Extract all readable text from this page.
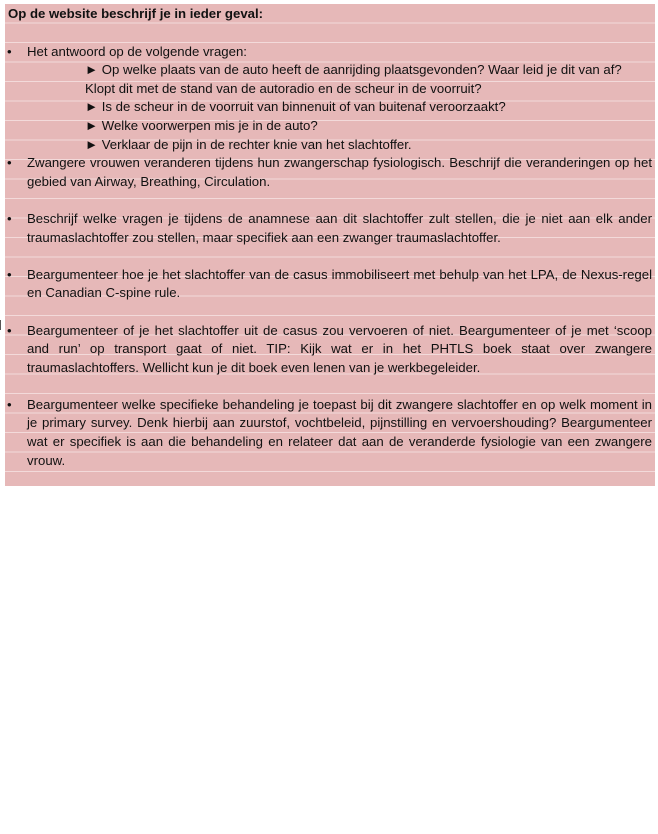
Op de website beschrijf je in ieder geval:
• Het antwoord op de volgende vragen:
► Op welke plaats van de auto heeft de aanrijding plaatsgevonden? Waar leid je dit van af? Klopt dit met de stand van de autoradio en de scheur in de voorruit?
► Is de scheur in de voorruit van binnenuit of van buitenaf veroorzaakt?
► Welke voorwerpen mis je in de auto?
► Verklaar de pijn in de rechter knie van het slachtoffer.
• Zwangere vrouwen veranderen tijdens hun zwangerschap fysiologisch. Beschrijf die veranderingen op het gebied van Airway, Breathing, Circulation.
• Beschrijf welke vragen je tijdens de anamnese aan dit slachtoffer zult stellen, die je niet aan elk ander traumaslachtoffer zou stellen, maar specifiek aan een zwanger traumaslachtoffer.
• Beargumenteer hoe je het slachtoffer van de casus immobiliseert met behulp van het LPA, de Nexus-regel en Canadian C-spine rule.
• Beargumenteer of je het slachtoffer uit de casus zou vervoeren of niet. Beargumenteer of je met ‘scoop and run’ op transport gaat of niet. TIP: Kijk wat er in het PHTLS boek staat over zwangere traumaslachtoffers. Wellicht kun je dit boek even lenen van je werkbegeleider.
• Beargumenteer welke specifieke behandeling je toepast bij dit zwangere slachtoffer en op welk moment in je primary survey. Denk hierbij aan zuurstof, vochtbeleid, pijnstilling en vervoershouding? Beargumenteer wat er specifiek is aan die behandeling en relateer dat aan de veranderde fysiologie van een zwangere vrouw.
